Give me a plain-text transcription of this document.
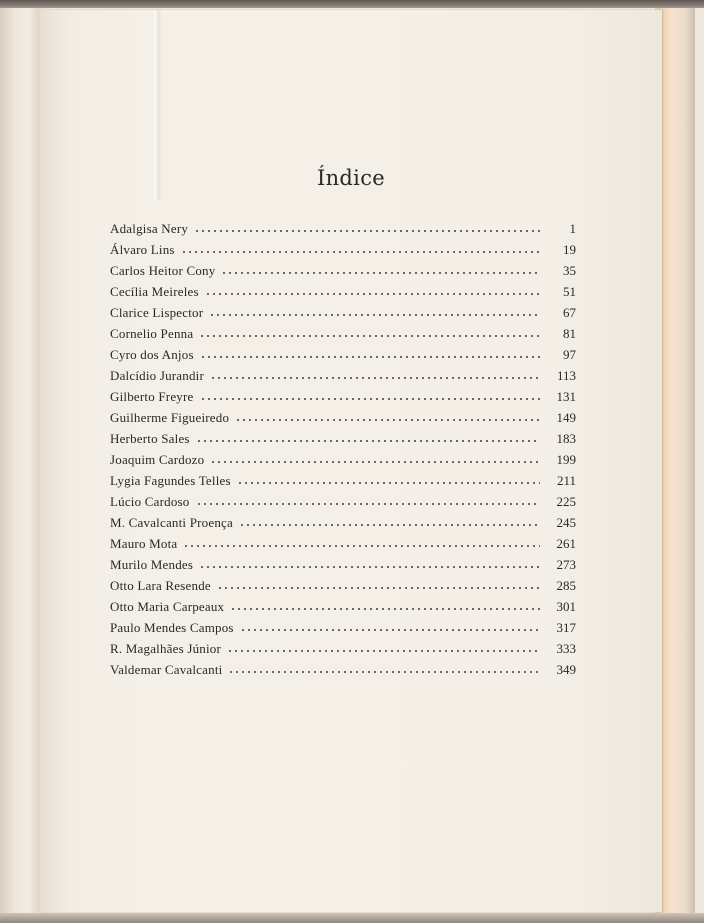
Índice
Adalgisa Nery	1
Álvaro Lins	19
Carlos Heitor Cony	35
Cecília Meireles	51
Clarice Lispector	67
Cornelio Penna	81
Cyro dos Anjos	97
Dalcídio Jurandir	113
Gilberto Freyre	131
Guilherme Figueiredo	149
Herberto Sales	183
Joaquim Cardozo	199
Lygia Fagundes Telles	211
Lúcio Cardoso	225
M. Cavalcanti Proença	245
Mauro Mota	261
Murilo Mendes	273
Otto Lara Resende	285
Otto Maria Carpeaux	301
Paulo Mendes Campos	317
R. Magalhães Júnior	333
Valdemar Cavalcanti	349
